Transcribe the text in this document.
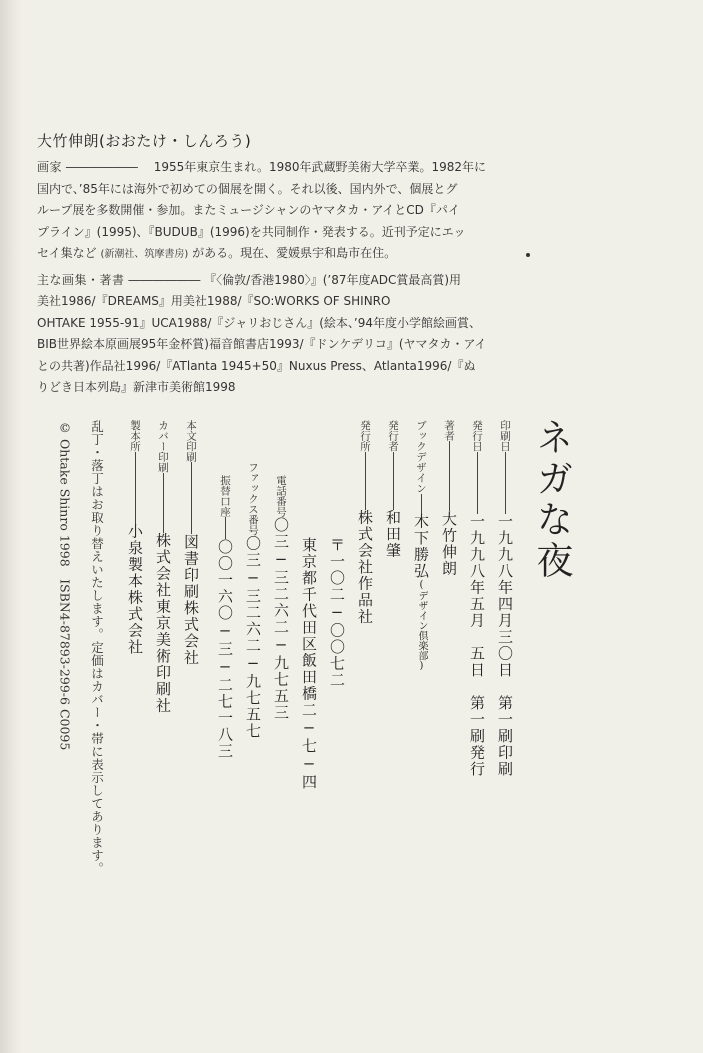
大竹伸朗(おおたけ・しんろう)

画家 ――――――　 1955年東京生まれ。1980年武蔵野美術大学卒業。1982年に
国内で、’85年には海外で初めての個展を開く。それ以後、国内外で、個展とグ
ループ展を多数開催・参加。またミュージシャンのヤマタカ・アイとCD『パイ
プライン』(1995)、『BUDUB』(1996)を共同制作・発表する。近刊予定にエッ
セイ集など (新潮社、筑摩書房) がある。現在、愛媛県宇和島市在住。

主な画集・著書 ―――――― 『〈倫敦/香港1980〉』(’87年度ADC賞最高賞)用
美社1986/『DREAMS』用美社1988/『SO:WORKS OF SHINRO
OHTAKE 1955-91』UCA1988/『ジャリおじさん』(絵本、’94年度小学館絵画賞、
BIB世界絵本原画展95年金杯賞)福音館書店1993/『ドンケデリコ』(ヤマタカ・アイ
との共著)作品社1996/『ATlanta 1945+50』Nuxus Press、Atlanta1996/『ぬ
りどき日本列島』新津市美術館1998

ネガな夜
印刷日一九九八年四月三〇日　第一刷印刷
発行日一九九八年五月　五日　第一刷発行
著者大竹伸朗
ブックデザイン木下勝弘(デザイン倶楽部)
発行者和田肇
発行所株式会社作品社
〒一〇二−〇〇七二
東京都千代田区飯田橋二−七−四
電話番号〇三−三二六二−九七五三
ファックス番号〇三−三二六二−九七五七
振替口座〇〇一六〇−三−二七一八三
本文印刷図書印刷株式会社
カバー印刷株式会社東京美術印刷社
製本所小泉製本株式会社
乱丁・落丁はお取り替えいたします。定価はカバー・帯に表示してあります。
© Ohtake Shinro 1998　ISBN4-87893-299-6 C0095
